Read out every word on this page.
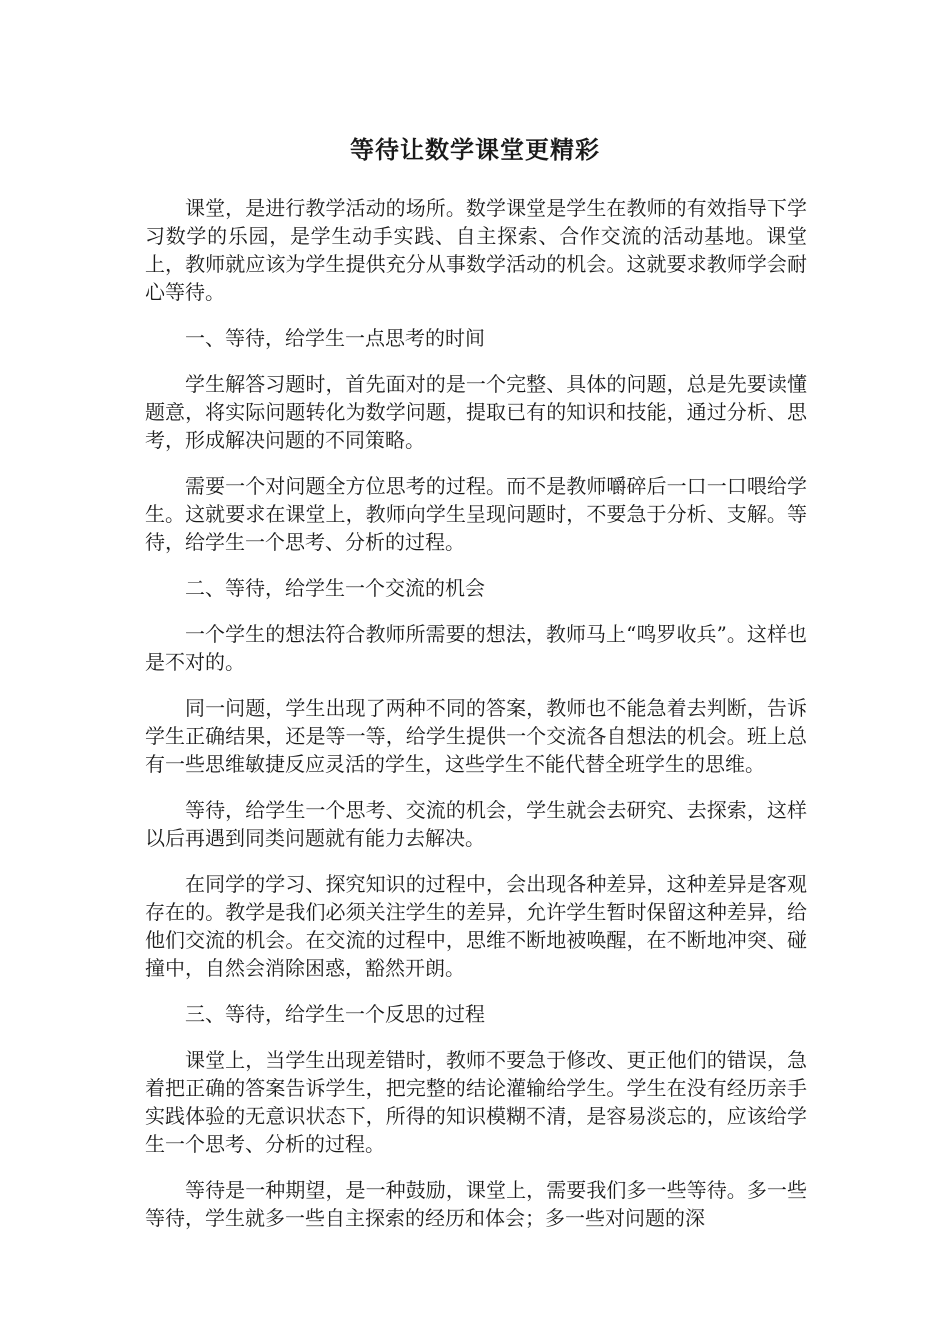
等待让数学课堂更精彩

课堂，是进行教学活动的场所。数学课堂是学生在教师的有效指导下学习数学的乐园，是学生动手实践、自主探索、合作交流的活动基地。课堂上，教师就应该为学生提供充分从事数学活动的机会。这就要求教师学会耐心等待。

一、等待，给学生一点思考的时间

学生解答习题时，首先面对的是一个完整、具体的问题，总是先要读懂题意，将实际问题转化为数学问题，提取已有的知识和技能，通过分析、思考，形成解决问题的不同策略。

需要一个对问题全方位思考的过程。而不是教师嚼碎后一口一口喂给学生。这就要求在课堂上，教师向学生呈现问题时，不要急于分析、支解。等待，给学生一个思考、分析的过程。

二、等待，给学生一个交流的机会

一个学生的想法符合教师所需要的想法，教师马上“鸣罗收兵”。这样也是不对的。

同一问题，学生出现了两种不同的答案，教师也不能急着去判断，告诉学生正确结果，还是等一等，给学生提供一个交流各自想法的机会。班上总有一些思维敏捷反应灵活的学生，这些学生不能代替全班学生的思维。

等待，给学生一个思考、交流的机会，学生就会去研究、去探索，这样以后再遇到同类问题就有能力去解决。

在同学的学习、探究知识的过程中，会出现各种差异，这种差异是客观存在的。教学是我们必须关注学生的差异，允许学生暂时保留这种差异，给他们交流的机会。在交流的过程中，思维不断地被唤醒，在不断地冲突、碰撞中，自然会消除困惑，豁然开朗。

三、等待，给学生一个反思的过程

课堂上，当学生出现差错时，教师不要急于修改、更正他们的错误，急着把正确的答案告诉学生，把完整的结论灌输给学生。学生在没有经历亲手实践体验的无意识状态下，所得的知识模糊不清，是容易淡忘的，应该给学生一个思考、分析的过程。

等待是一种期望，是一种鼓励，课堂上，需要我们多一些等待。多一些等待，学生就多一些自主探索的经历和体会；多一些对问题的深
